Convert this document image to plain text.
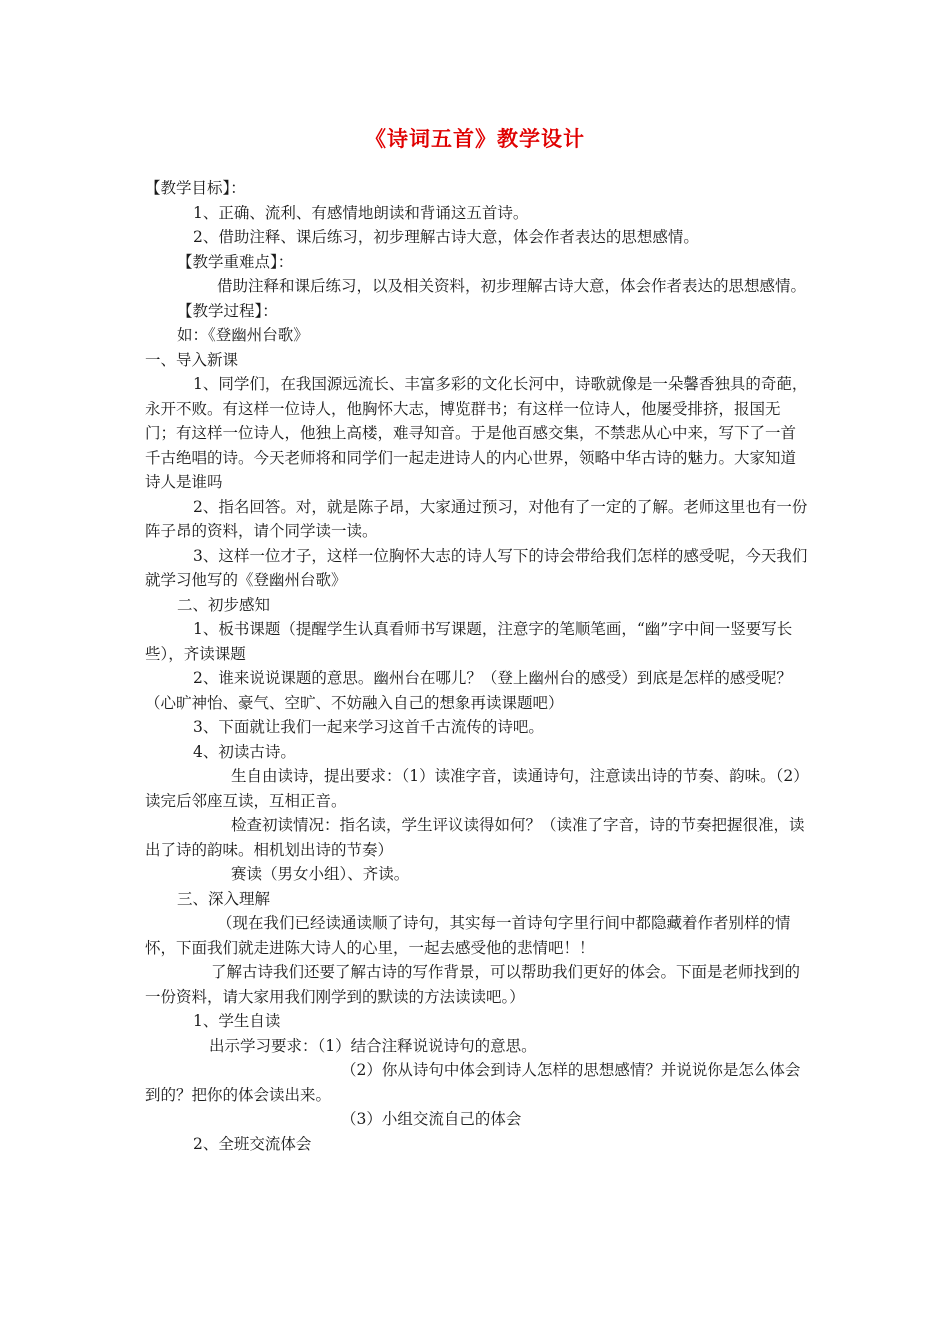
《诗词五首》教学设计

【教学目标】：

1、正确、流利、有感情地朗读和背诵这五首诗。

2、借助注释、课后练习，初步理解古诗大意，体会作者表达的思想感情。

【教学重难点】：

借助注释和课后练习，以及相关资料，初步理解古诗大意，体会作者表达的思想感情。

【教学过程】：

如：《登幽州台歌》

一、导入新课

1、同学们，在我国源远流长、丰富多彩的文化长河中，诗歌就像是一朵馨香独具的奇葩，永开不败。有这样一位诗人，他胸怀大志，博览群书；有这样一位诗人，他屡受排挤，报国无门；有这样一位诗人，他独上高楼，难寻知音。于是他百感交集，不禁悲从心中来，写下了一首千古绝唱的诗。今天老师将和同学们一起走进诗人的内心世界，领略中华古诗的魅力。大家知道诗人是谁吗

2、指名回答。对，就是陈子昂，大家通过预习，对他有了一定的了解。老师这里也有一份阵子昂的资料，请个同学读一读。

3、这样一位才子，这样一位胸怀大志的诗人写下的诗会带给我们怎样的感受呢，今天我们就学习他写的《登幽州台歌》

二、初步感知

1、板书课题（提醒学生认真看师书写课题，注意字的笔顺笔画，“幽”字中间一竖要写长些），齐读课题

2、谁来说说课题的意思。幽州台在哪儿？（登上幽州台的感受）到底是怎样的感受呢？（心旷神怡、豪气、空旷、不妨融入自己的想象再读课题吧）

3、下面就让我们一起来学习这首千古流传的诗吧。

4、初读古诗。

生自由读诗，提出要求：（1）读准字音，读通诗句，注意读出诗的节奏、韵味。（2）读完后邻座互读，互相正音。

检查初读情况：指名读，学生评议读得如何？（读准了字音，诗的节奏把握很准，读出了诗的韵味。相机划出诗的节奏）

赛读（男女小组）、齐读。

三、深入理解

（现在我们已经读通读顺了诗句，其实每一首诗句字里行间中都隐藏着作者别样的情怀，下面我们就走进陈大诗人的心里，一起去感受他的悲情吧！！

了解古诗我们还要了解古诗的写作背景，可以帮助我们更好的体会。下面是老师找到的一份资料，请大家用我们刚学到的默读的方法读读吧。）

1、学生自读

出示学习要求：（1）结合注释说说诗句的意思。

（2）你从诗句中体会到诗人怎样的思想感情？并说说你是怎么体会到的？把你的体会读出来。

（3）小组交流自己的体会

2、全班交流体会
